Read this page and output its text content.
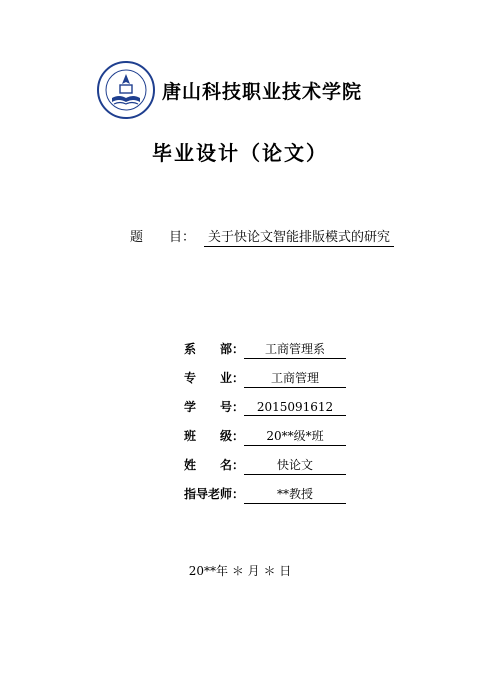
唐山科技职业技术学院
毕业设计（论文）
题　　目： 关于快论文智能排版模式的研究
系　　部：	工商管理系
专　　业：	工商管理
学　　号：	2015091612
班　　级：	20**级*班
姓　　名：	快论文
指导老师：	**教授
20**年 ＊ 月 ＊ 日
